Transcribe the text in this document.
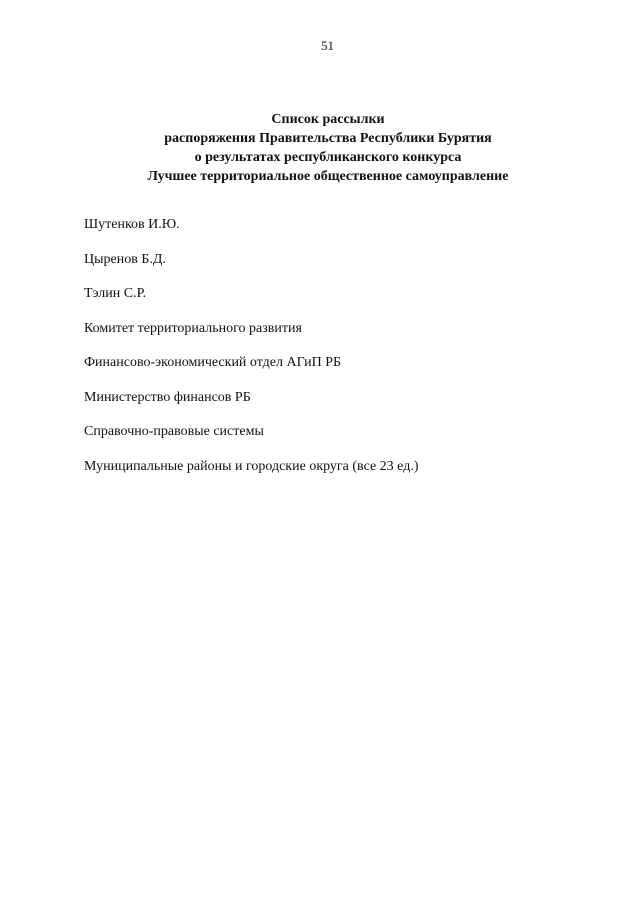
51
Список рассылки
распоряжения Правительства Республики Бурятия
о результатах республиканского конкурса
Лучшее территориальное общественное самоуправление
Шутенков И.Ю.
Цыренов Б.Д.
Тэлин С.Р.
Комитет территориального развития
Финансово-экономический отдел АГиП РБ
Министерство финансов РБ
Справочно-правовые системы
Муниципальные районы и городские округа (все 23 ед.)
